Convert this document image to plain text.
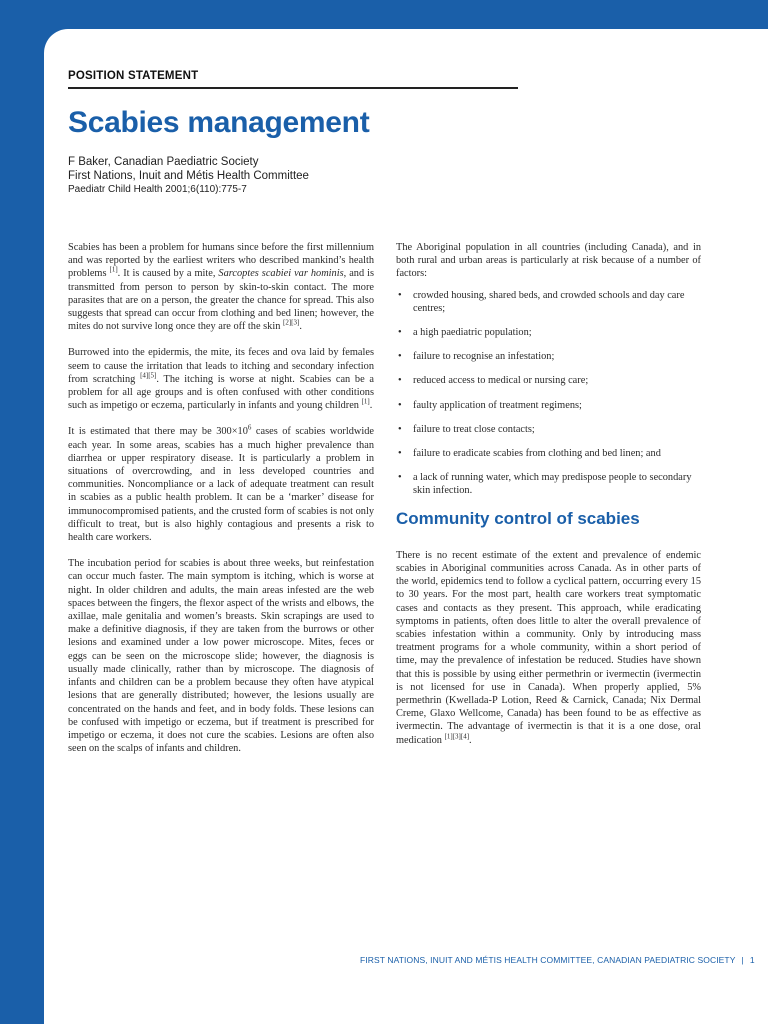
Canadian
Paediatric
Society
POSITION STATEMENT
Scabies management
F Baker, Canadian Paediatric Society
First Nations, Inuit and Métis Health Committee
Paediatr Child Health 2001;6(110):775-7

Scabies has been a problem for humans since before the first millennium and was reported by the earliest writers who described mankind’s health problems [1]. It is caused by a mite, Sarcoptes scabiei var hominis, and is transmitted from person to person by skin-to-skin contact. The more parasites that are on a person, the greater the chance for spread. This also suggests that spread can occur from clothing and bed linen; however, the mites do not survive long once they are off the skin [2][3].

Burrowed into the epidermis, the mite, its feces and ova laid by females seem to cause the irritation that leads to itching and secondary infection from scratching [4][5]. The itching is worse at night. Scabies can be a problem for all age groups and is often confused with other conditions such as impetigo or eczema, particularly in infants and young children [1].

It is estimated that there may be $300\times 10^6$ cases of scabies worldwide each year. In some areas, scabies has a much higher prevalence than diarrhea or upper respiratory disease. It is particularly a problem in situations of overcrowding, and in less developed countries and communities. Noncompliance or a lack of adequate treatment can result in scabies as a public health problem. It can be a ‘marker’ disease for immunocompromised patients, and the crusted form of scabies is not only difficult to treat, but is also highly contagious and presents a risk to health care workers.

The incubation period for scabies is about three weeks, but reinfestation can occur much faster. The main symptom is itching, which is worse at night. In older children and adults, the main areas infested are the web spaces between the fingers, the flexor aspect of the wrists and elbows, the axillae, male genitalia and women’s breasts. Skin scrapings are used to make a definitive diagnosis, if they are taken from the burrows or other lesions and examined under a low power microscope. Mites, feces or eggs can be seen on the microscope slide; however, the diagnosis is usually made clinically, rather than by microscope. The diagnosis of infants and children can be a problem because they often have atypical lesions that are generally distributed; however, the lesions usually are concentrated on the hands and feet, and in body folds. These lesions can be confused with impetigo or eczema, but if treatment is prescribed for impetigo or eczema, it does not cure the scabies. Lesions are often also seen on the scalps of infants and children.

The Aboriginal population in all countries (including Canada), and in both rural and urban areas is particularly at risk because of a number of factors:

• crowded housing, shared beds, and crowded schools and day care centres;
• a high paediatric population;
• failure to recognise an infestation;
• reduced access to medical or nursing care;
• faulty application of treatment regimens;
• failure to treat close contacts;
• failure to eradicate scabies from clothing and bed linen; and
• a lack of running water, which may predispose people to secondary skin infection.
Community control of scabies

There is no recent estimate of the extent and prevalence of endemic scabies in Aboriginal communities across Canada. As in other parts of the world, epidemics tend to follow a cyclical pattern, occurring every 15 to 30 years. For the most part, health care workers treat symptomatic cases and contacts as they present. This approach, while eradicating symptoms in patients, often does little to alter the overall prevalence of scabies infestation within a community. Only by introducing mass treatment programs for a whole community, within a short period of time, may the prevalence of infestation be reduced. Studies have shown that this is possible by using either permethrin or ivermectin (ivermectin is not licensed for use in Canada). When properly applied, 5% permethrin (Kwellada-P Lotion, Reed & Carnick, Canada; Nix Dermal Creme, Glaxo Wellcome, Canada) has been found to be as effective as ivermectin. The advantage of ivermectin is that it is a one dose, oral medication [1][3][4].

FIRST NATIONS, INUIT AND MÉTIS HEALTH COMMITTEE, CANADIAN PAEDIATRIC SOCIETY | 1
